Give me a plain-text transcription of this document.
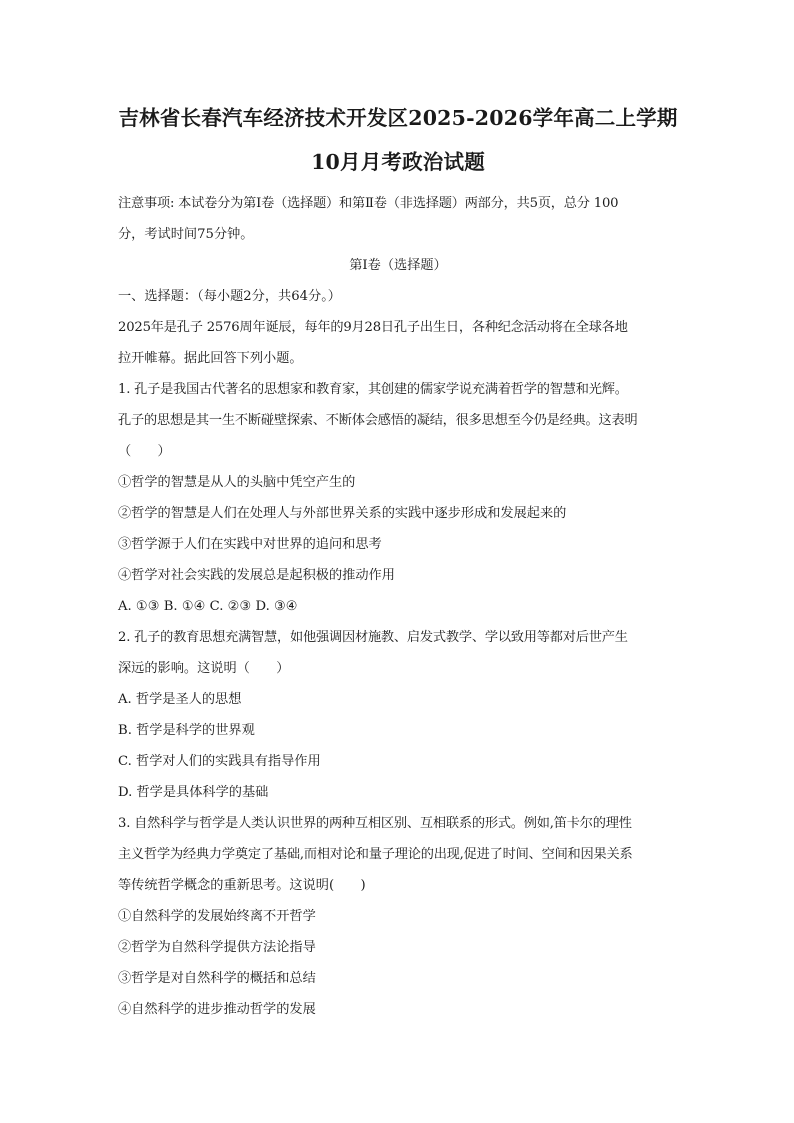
吉林省长春汽车经济技术开发区2025-2026学年高二上学期
10月月考政治试题

注意事项: 本试卷分为第Ⅰ卷（选择题）和第Ⅱ卷（非选择题）两部分，共5页，总分 100

分，考试时间75分钟。

第Ⅰ卷（选择题）

一、选择题：（每小题2分，共64分。）

2025年是孔子 2576周年诞辰，每年的9月28日孔子出生日，各种纪念活动将在全球各地

拉开帷幕。据此回答下列小题。

1. 孔子是我国古代著名的思想家和教育家，其创建的儒家学说充满着哲学的智慧和光辉。

孔子的思想是其一生不断碰壁探索、不断体会感悟的凝结，很多思想至今仍是经典。这表明

（　　）

①哲学的智慧是从人的头脑中凭空产生的

②哲学的智慧是人们在处理人与外部世界关系的实践中逐步形成和发展起来的

③哲学源于人们在实践中对世界的追问和思考

④哲学对社会实践的发展总是起积极的推动作用

A. ①③ B. ①④ C. ②③ D. ③④

2. 孔子的教育思想充满智慧，如他强调因材施教、启发式教学、学以致用等都对后世产生

深远的影响。这说明（　　）

A. 哲学是圣人的思想

B. 哲学是科学的世界观

C. 哲学对人们的实践具有指导作用

D. 哲学是具体科学的基础

3. 自然科学与哲学是人类认识世界的两种互相区别、互相联系的形式。例如,笛卡尔的理性

主义哲学为经典力学奠定了基础,而相对论和量子理论的出现,促进了时间、空间和因果关系

等传统哲学概念的重新思考。这说明(　　)

①自然科学的发展始终离不开哲学

②哲学为自然科学提供方法论指导

③哲学是对自然科学的概括和总结

④自然科学的进步推动哲学的发展
